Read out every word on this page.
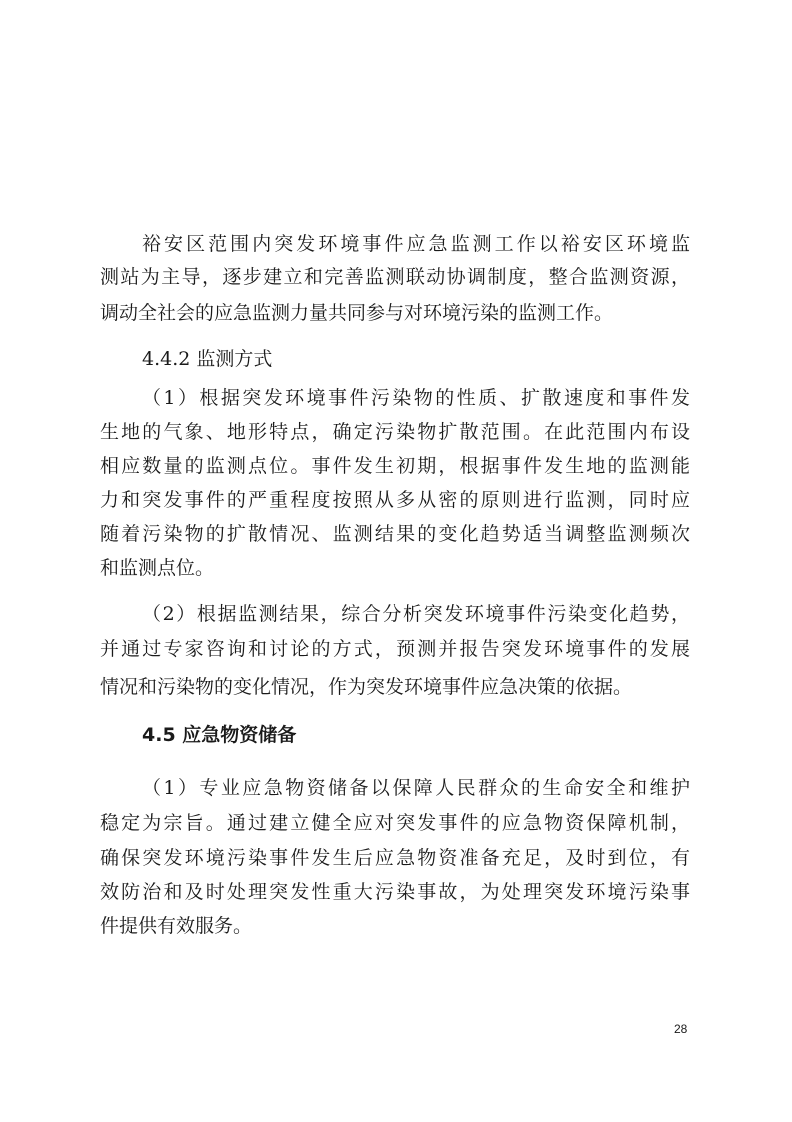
裕安区范围内突发环境事件应急监测工作以裕安区环境监
测站为主导，逐步建立和完善监测联动协调制度，整合监测资源，
调动全社会的应急监测力量共同参与对环境污染的监测工作。
4.4.2 监测方式
（1）根据突发环境事件污染物的性质、扩散速度和事件发
生地的气象、地形特点，确定污染物扩散范围。在此范围内布设
相应数量的监测点位。事件发生初期，根据事件发生地的监测能
力和突发事件的严重程度按照从多从密的原则进行监测，同时应
随着污染物的扩散情况、监测结果的变化趋势适当调整监测频次
和监测点位。
（2）根据监测结果，综合分析突发环境事件污染变化趋势，
并通过专家咨询和讨论的方式，预测并报告突发环境事件的发展
情况和污染物的变化情况，作为突发环境事件应急决策的依据。
4.5 应急物资储备
（1）专业应急物资储备以保障人民群众的生命安全和维护
稳定为宗旨。通过建立健全应对突发事件的应急物资保障机制，
确保突发环境污染事件发生后应急物资准备充足，及时到位，有
效防治和及时处理突发性重大污染事故，为处理突发环境污染事
件提供有效服务。
28
